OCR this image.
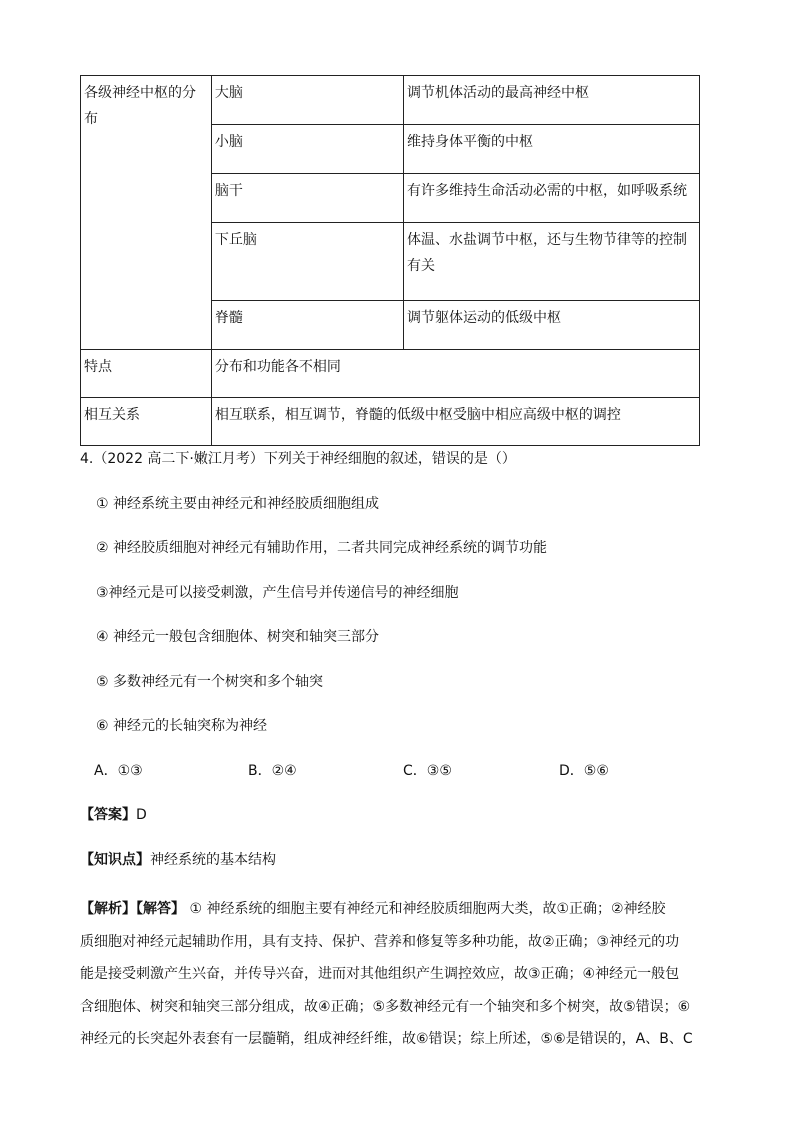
各级神经中枢的分布	大脑	调节机体活动的最高神经中枢
	小脑	维持身体平衡的中枢
	脑干	有许多维持生命活动必需的中枢，如呼吸系统
	下丘脑	体温、水盐调节中枢，还与生物节律等的控制有关
	脊髓	调节躯体运动的低级中枢
特点	分布和功能各不相同	
相互关系	相互联系，相互调节，脊髓的低级中枢受脑中相应高级中枢的调控	
4.（2022 高二下·嫩江月考）下列关于神经细胞的叙述，错误的是（）
① 神经系统主要由神经元和神经胶质细胞组成
② 神经胶质细胞对神经元有辅助作用，二者共同完成神经系统的调节功能
③神经元是可以接受刺激，产生信号并传递信号的神经细胞
④ 神经元一般包含细胞体、树突和轴突三部分
⑤ 多数神经元有一个树突和多个轴突
⑥ 神经元的长轴突称为神经
A．①③	B．②④	C．③⑤	D．⑤⑥
【答案】D
【知识点】神经系统的基本结构
【解析】【解答】 ① 神经系统的细胞主要有神经元和神经胶质细胞两大类，故①正确；②神经胶
质细胞对神经元起辅助作用，具有支持、保护、营养和修复等多种功能，故②正确；③神经元的功
能是接受刺激产生兴奋，并传导兴奋，进而对其他组织产生调控效应，故③正确；④神经元一般包
含细胞体、树突和轴突三部分组成，故④正确；⑤多数神经元有一个轴突和多个树突，故⑤错误；⑥
神经元的长突起外表套有一层髓鞘，组成神经纤维，故⑥错误；综上所述，⑤⑥是错误的，A、B、C
